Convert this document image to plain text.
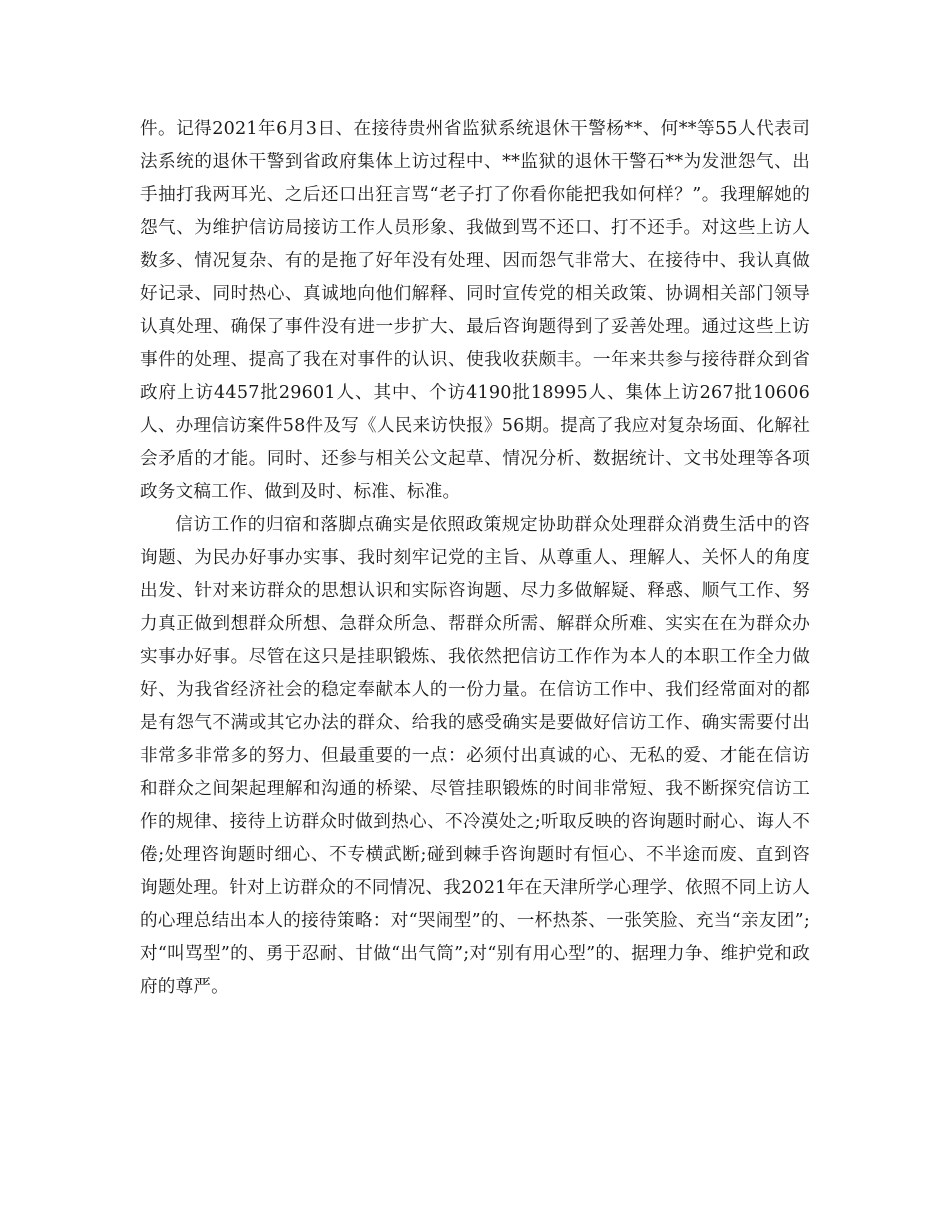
件。记得2021年6月3日、在接待贵州省监狱系统退休干警杨**、何**等55人代表司法系统的退休干警到省政府集体上访过程中、**监狱的退休干警石**为发泄怨气、出手抽打我两耳光、之后还口出狂言骂“老子打了你看你能把我如何样？”。我理解她的怨气、为维护信访局接访工作人员形象、我做到骂不还口、打不还手。对这些上访人数多、情况复杂、有的是拖了好年没有处理、因而怨气非常大、在接待中、我认真做好记录、同时热心、真诚地向他们解释、同时宣传党的相关政策、协调相关部门领导认真处理、确保了事件没有进一步扩大、最后咨询题得到了妥善处理。通过这些上访事件的处理、提高了我在对事件的认识、使我收获颇丰。一年来共参与接待群众到省政府上访4457批29601人、其中、个访4190批18995人、集体上访267批10606人、办理信访案件58件及写《人民来访快报》56期。提高了我应对复杂场面、化解社会矛盾的才能。同时、还参与相关公文起草、情况分析、数据统计、文书处理等各项政务文稿工作、做到及时、标准、标准。

信访工作的归宿和落脚点确实是依照政策规定协助群众处理群众消费生活中的咨询题、为民办好事办实事、我时刻牢记党的主旨、从尊重人、理解人、关怀人的角度出发、针对来访群众的思想认识和实际咨询题、尽力多做解疑、释惑、顺气工作、努力真正做到想群众所想、急群众所急、帮群众所需、解群众所难、实实在在为群众办实事办好事。尽管在这只是挂职锻炼、我依然把信访工作作为本人的本职工作全力做好、为我省经济社会的稳定奉献本人的一份力量。在信访工作中、我们经常面对的都是有怨气不满或其它办法的群众、给我的感受确实是要做好信访工作、确实需要付出非常多非常多的努力、但最重要的一点：必须付出真诚的心、无私的爱、才能在信访和群众之间架起理解和沟通的桥梁、尽管挂职锻炼的时间非常短、我不断探究信访工作的规律、接待上访群众时做到热心、不冷漠处之;听取反映的咨询题时耐心、诲人不倦;处理咨询题时细心、不专横武断;碰到棘手咨询题时有恒心、不半途而废、直到咨询题处理。针对上访群众的不同情况、我2021年在天津所学心理学、依照不同上访人的心理总结出本人的接待策略：对“哭闹型”的、一杯热茶、一张笑脸、充当“亲友团”;对“叫骂型”的、勇于忍耐、甘做“出气筒”;对“别有用心型”的、据理力争、维护党和政府的尊严。
